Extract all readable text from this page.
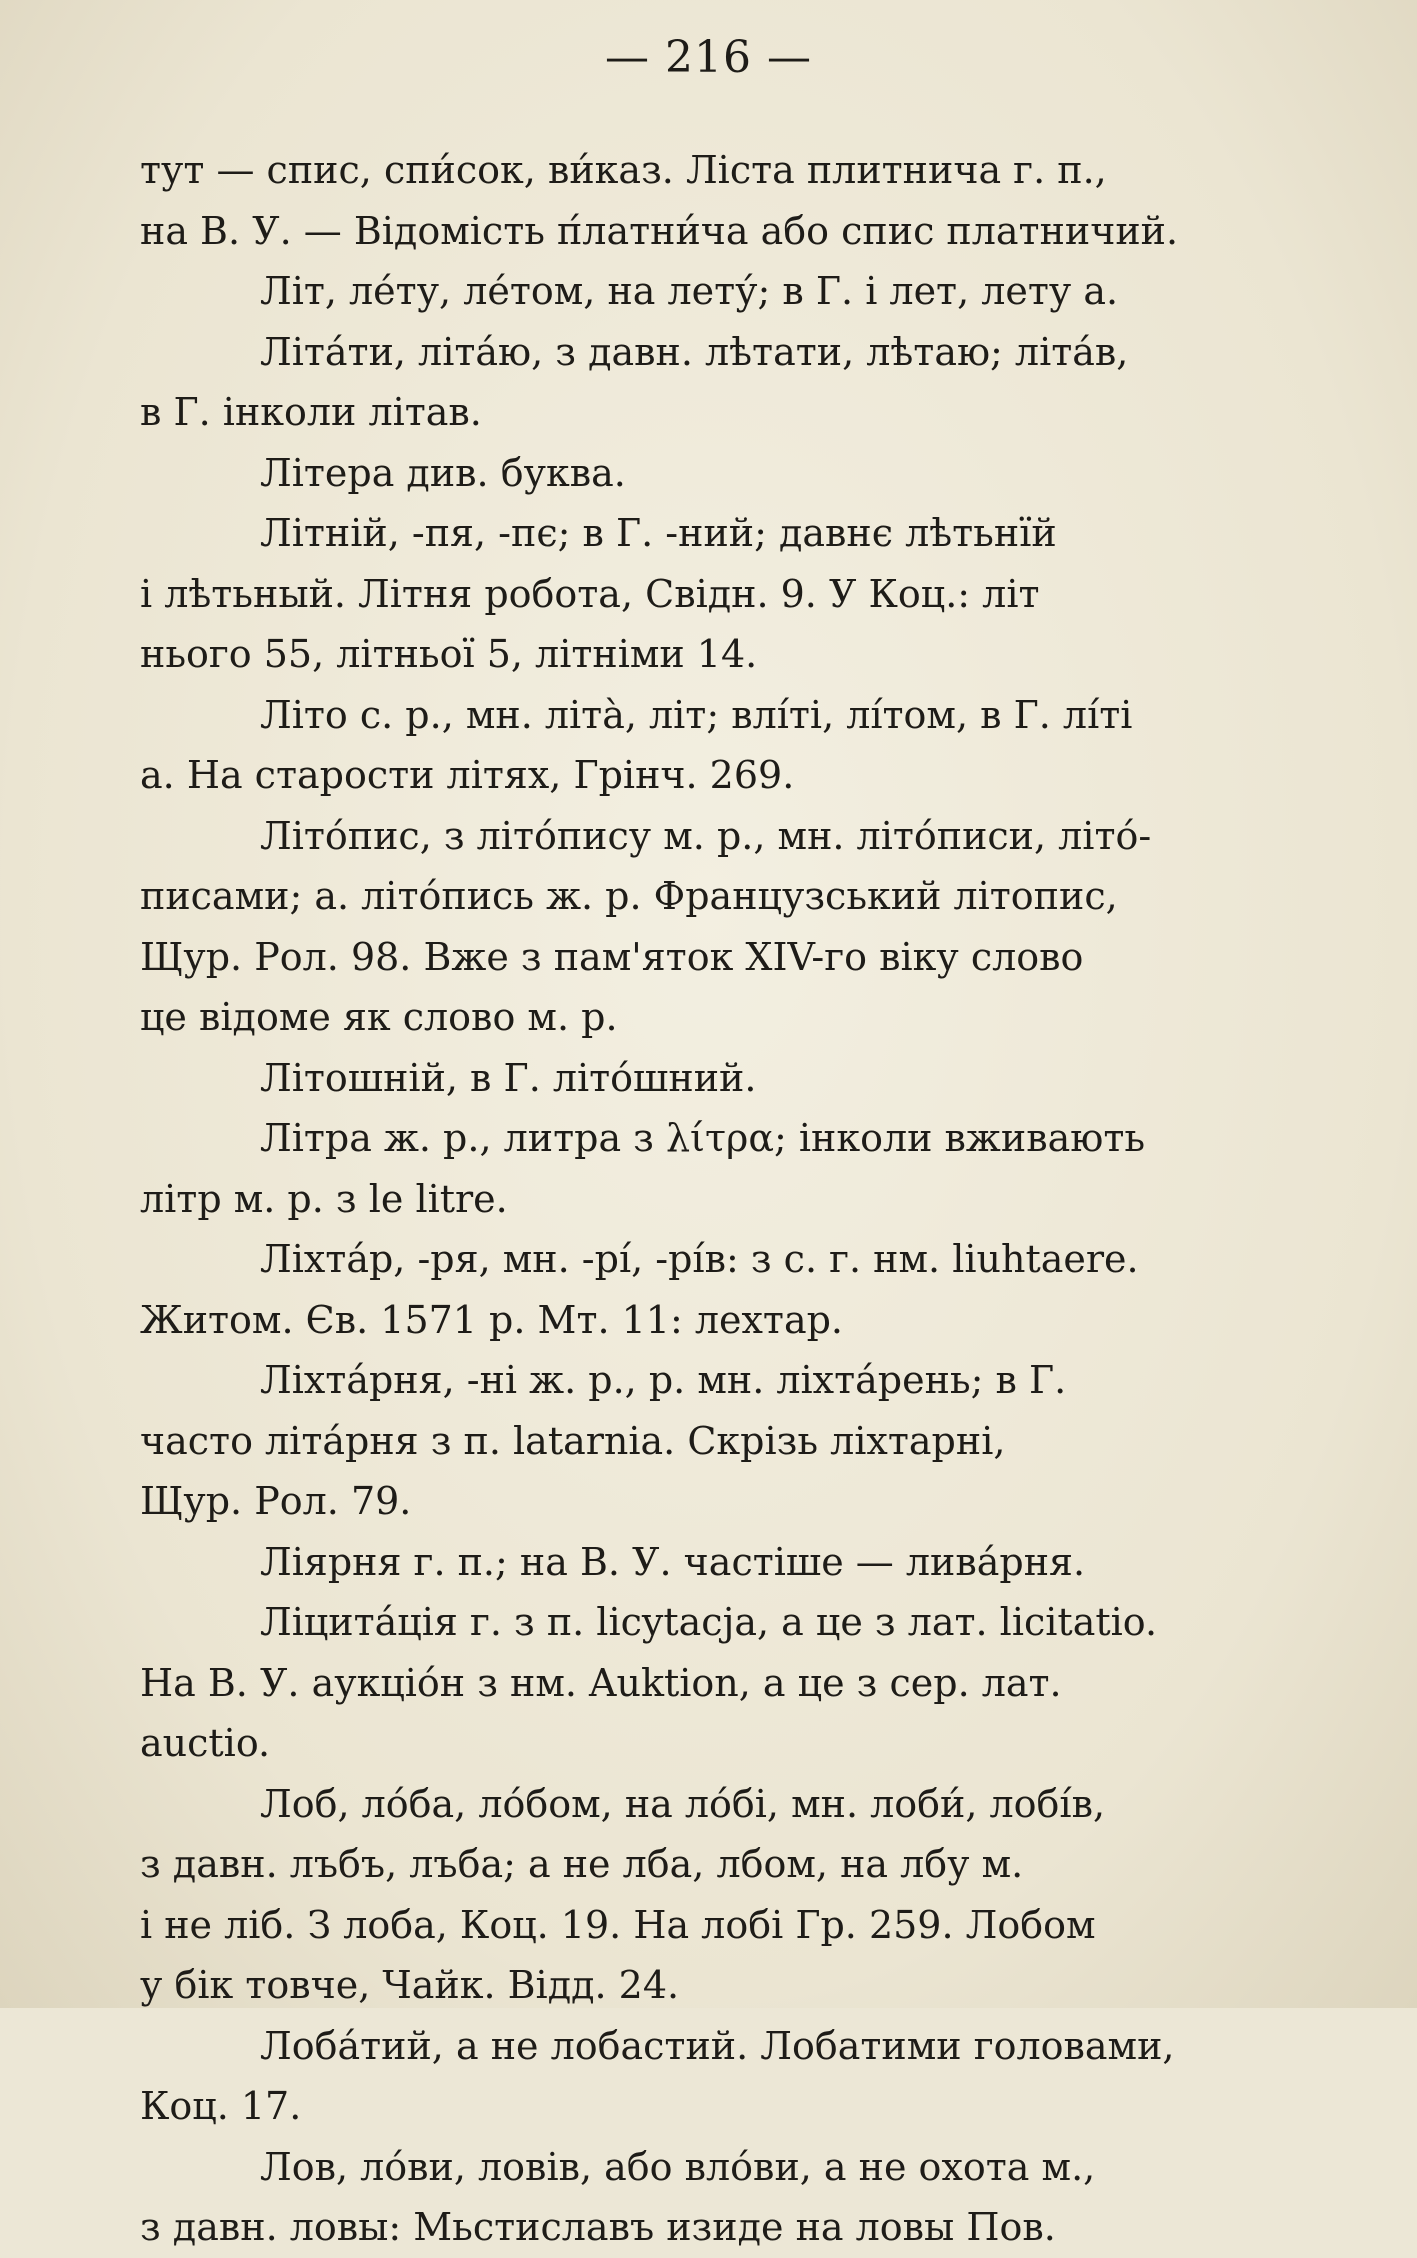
— 216 —
тут — спис, спи́сок, ви́каз. Ліста плитнича г. п.,
на В. У. — Відомість п́латни́ча або спис платничий.
Літ, ле́ту, ле́том, на лету́; в Г. і лет, лету а.
Літа́ти, літа́ю, з давн. лѣтати, лѣтаю; літа́в,
в Г. інколи літав.
Літера див. буква.
Літній, -пя, -пє; в Г. -ний; давнє лѣтьнїй
і лѣтьный. Літня робота, Свідн. 9. У Коц.: літ
нього 55, літньої 5, літніми 14.
Літо с. р., мн. літа̀, літ; влі́ті, лі́том, в Г. лі́ті
а. На старости літях, Грінч. 269.
Літо́пис, з літо́пису м. р., мн. літо́писи, літо́-
писами; а. літо́пись ж. р. Французський літопис,
Щур. Рол. 98. Вже з пам'яток XIV-го віку слово
це відоме як слово м. р.
Літошній, в Г. літо́шний.
Літра ж. р., литра з λίτρα; інколи вживають
літр м. р. з le litre.
Ліхта́р, -ря, мн. -рі́, -рі́в: з с. г. нм. liuhtaere.
Житом. Єв. 1571 р. Мт. 11: лехтар.
Ліхта́рня, -ні ж. р., р. мн. ліхта́рень; в Г.
часто літа́рня з п. latarnia. Скрізь ліхтарні,
Щур. Рол. 79.
Ліярня г. п.; на В. У. частіше — лива́рня.
Ліцита́ція г. з п. licytacja, а це з лат. licitatio.
На В. У. аукціо́н з нм. Auktion, а це з сер. лат.
auctio.
Лоб, ло́ба, ло́бом, на ло́бі, мн. лоби́, лобі́в,
з давн. лъбъ, лъба; а не лба, лбом, на лбу м.
і не ліб. З лоба, Коц. 19. На лобі Гр. 259. Лобом
у бік товче, Чайк. Відд. 24.
Лоба́тий, а не лобастий. Лобатими головами,
Коц. 17.
Лов, ло́ви, ловів, або вло́ви, а не охота м.,
з давн. ловы: Мьстиславъ изиде на ловы Пов.
